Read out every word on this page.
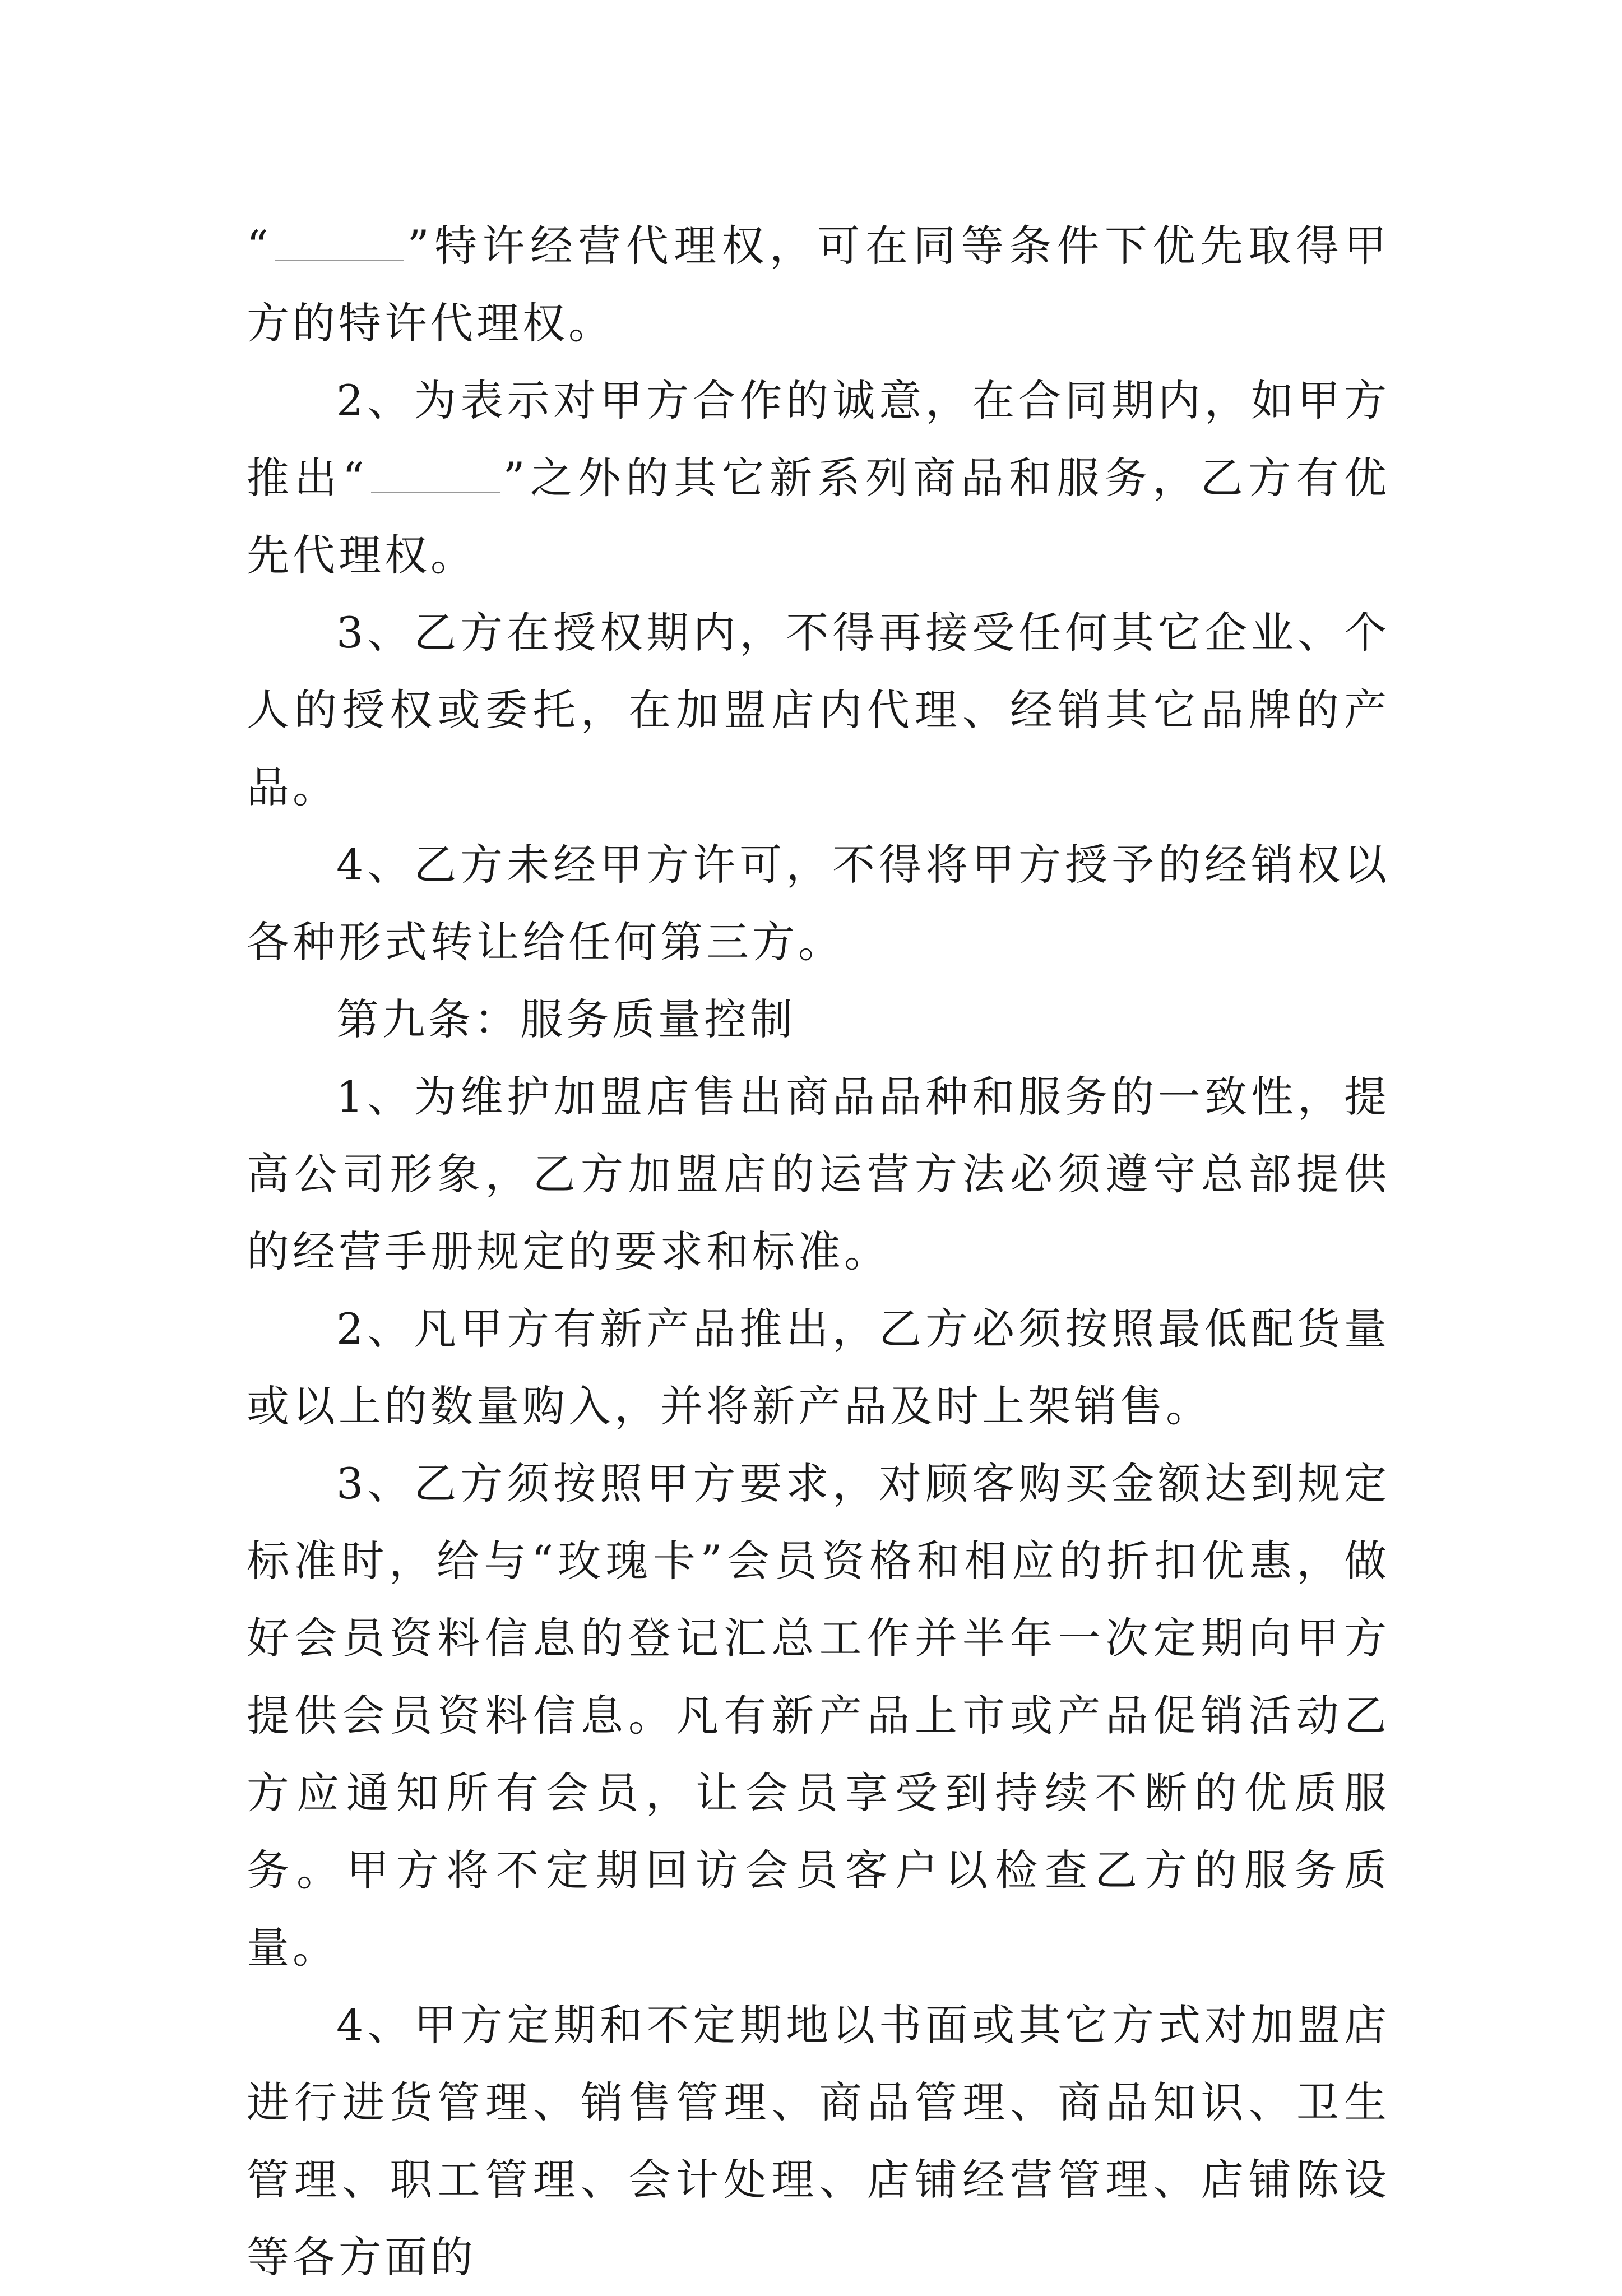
“	”特许经营代理权，可在同等条件下优先取得甲方的特许代理权。

2、为表示对甲方合作的诚意，在合同期内，如甲方推出“	”之外的其它新系列商品和服务，乙方有优先代理权。

3、乙方在授权期内，不得再接受任何其它企业、个人的授权或委托，在加盟店内代理、经销其它品牌的产品。

4、乙方未经甲方许可，不得将甲方授予的经销权以各种形式转让给任何第三方。

第九条：服务质量控制

1、为维护加盟店售出商品品种和服务的一致性，提高公司形象，乙方加盟店的运营方法必须遵守总部提供的经营手册规定的要求和标准。

2、凡甲方有新产品推出，乙方必须按照最低配货量或以上的数量购入，并将新产品及时上架销售。

3、乙方须按照甲方要求，对顾客购买金额达到规定标准时，给与“玫瑰卡”会员资格和相应的折扣优惠，做好会员资料信息的登记汇总工作并半年一次定期向甲方提供会员资料信息。凡有新产品上市或产品促销活动乙方应通知所有会员，让会员享受到持续不断的优质服务。甲方将不定期回访会员客户以检查乙方的服务质量。

4、甲方定期和不定期地以书面或其它方式对加盟店进行进货管理、销售管理、商品管理、商品知识、卫生管理、职工管理、会计处理、店铺经营管理、店铺陈设等各方面的
